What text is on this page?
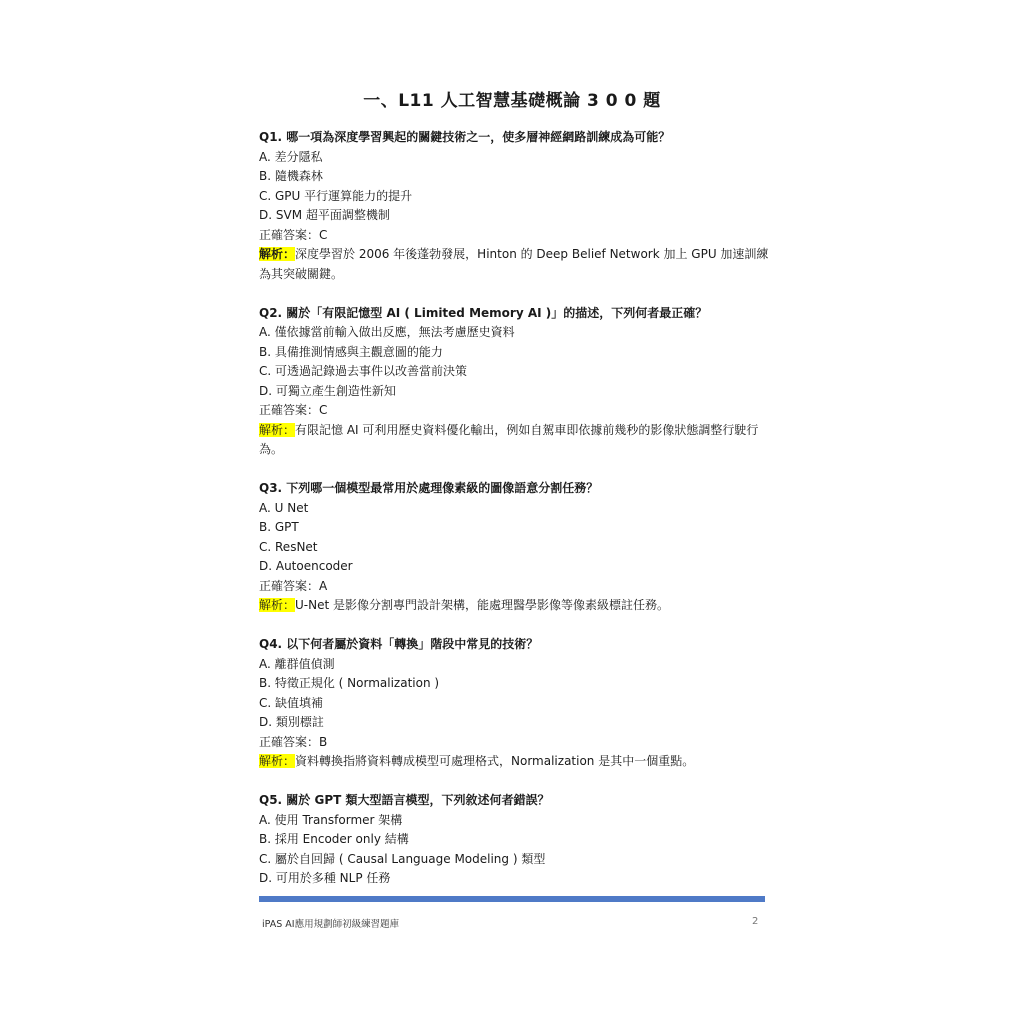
一、L11 人工智慧基礎概論 3 0 0 題
Q1. 哪一項為深度學習興起的關鍵技術之一，使多層神經網路訓練成為可能？
A. 差分隱私
B. 隨機森林
C. GPU 平行運算能力的提升
D. SVM 超平面調整機制
正確答案：C
解析：深度學習於 2006 年後蓬勃發展，Hinton 的 Deep Belief Network 加上 GPU 加速訓練為其突破關鍵。
Q2. 關於「有限記憶型 AI ( Limited Memory AI )」的描述，下列何者最正確？
A. 僅依據當前輸入做出反應，無法考慮歷史資料
B. 具備推測情感與主觀意圖的能力
C. 可透過記錄過去事件以改善當前決策
D. 可獨立產生創造性新知
正確答案：C
解析：有限記憶 AI 可利用歷史資料優化輸出，例如自駕車即依據前幾秒的影像狀態調整行駛行為。
Q3. 下列哪一個模型最常用於處理像素級的圖像語意分割任務？
A. U Net
B. GPT
C. ResNet
D. Autoencoder
正確答案：A
解析：U-Net 是影像分割專門設計架構，能處理醫學影像等像素級標註任務。
Q4. 以下何者屬於資料「轉換」階段中常見的技術？
A. 離群值偵測
B. 特徵正規化 ( Normalization )
C. 缺值填補
D. 類別標註
正確答案：B
解析：資料轉換指將資料轉成模型可處理格式，Normalization 是其中一個重點。
Q5. 關於 GPT 類大型語言模型，下列敘述何者錯誤？
A. 使用 Transformer 架構
B. 採用 Encoder only 結構
C. 屬於自回歸 ( Causal Language Modeling ) 類型
D. 可用於多種 NLP 任務
iPAS AI應用規劃師初級練習題庫	2
